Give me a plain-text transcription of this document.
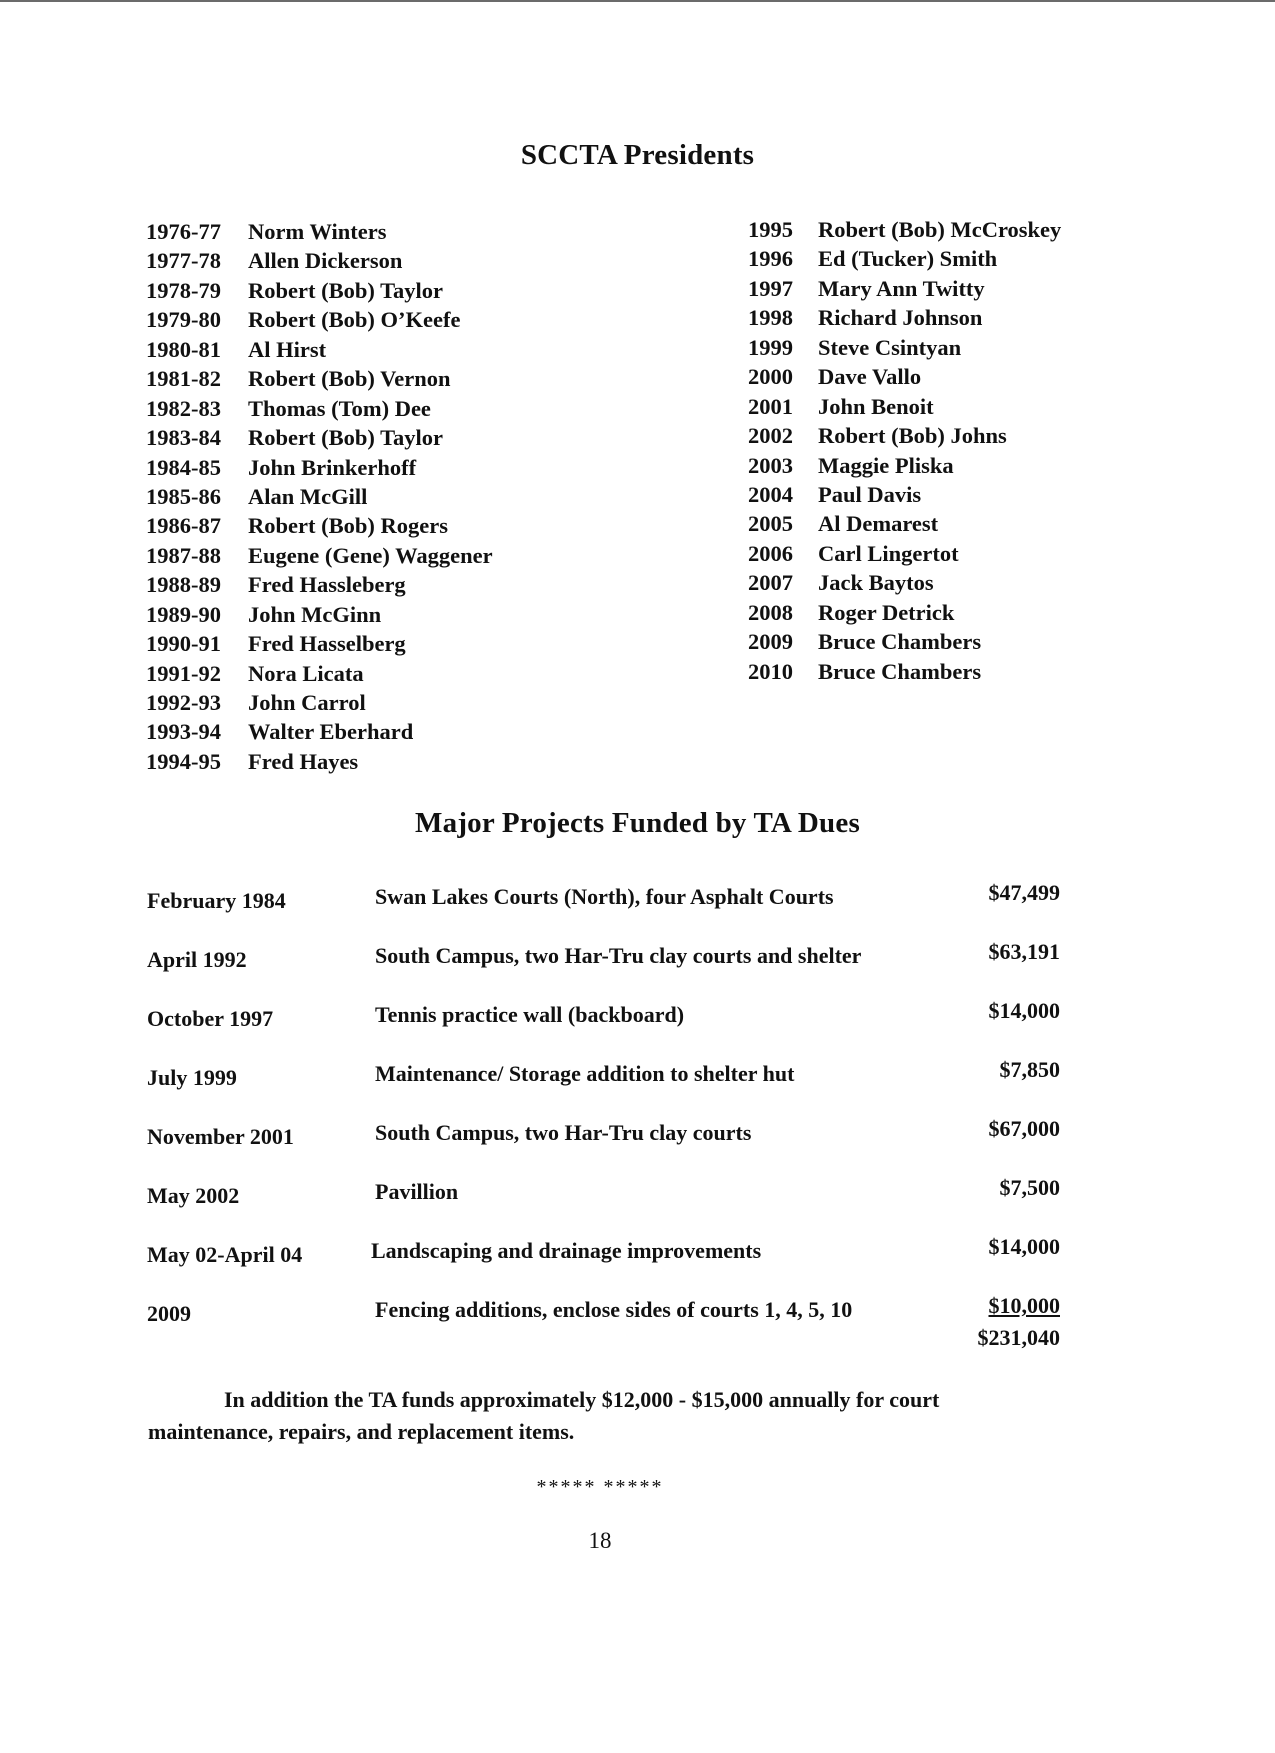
SCCTA Presidents
1976-77 Norm Winters
1977-78 Allen Dickerson
1978-79 Robert (Bob) Taylor
1979-80 Robert (Bob) O’Keefe
1980-81 Al Hirst
1981-82 Robert (Bob) Vernon
1982-83 Thomas (Tom) Dee
1983-84 Robert (Bob) Taylor
1984-85 John Brinkerhoff
1985-86 Alan McGill
1986-87 Robert (Bob) Rogers
1987-88 Eugene (Gene) Waggener
1988-89 Fred Hassleberg
1989-90 John McGinn
1990-91 Fred Hasselberg
1991-92 Nora Licata
1992-93 John Carrol
1993-94 Walter Eberhard
1994-95 Fred Hayes
1995 Robert (Bob) McCroskey
1996 Ed (Tucker) Smith
1997 Mary Ann Twitty
1998 Richard Johnson
1999 Steve Csintyan
2000 Dave Vallo
2001 John Benoit
2002 Robert (Bob) Johns
2003 Maggie Pliska
2004 Paul Davis
2005 Al Demarest
2006 Carl Lingertot
2007 Jack Baytos
2008 Roger Detrick
2009 Bruce Chambers
2010 Bruce Chambers
Major Projects Funded by TA Dues
February 1984	Swan Lakes Courts (North), four Asphalt Courts	$47,499
April 1992	South Campus, two Har-Tru clay courts and shelter	$63,191
October 1997	Tennis practice wall (backboard)	$14,000
July 1999	Maintenance/ Storage addition to shelter hut	$7,850
November 2001	South Campus, two Har-Tru clay courts	$67,000
May 2002	Pavillion	$7,500
May 02-April 04	Landscaping and drainage improvements	$14,000
2009	Fencing additions, enclose sides of courts 1, 4, 5, 10	$10,000
$231,040
In addition the TA funds approximately $12,000 - $15,000 annually for court maintenance, repairs, and replacement items.
***** *****
18
